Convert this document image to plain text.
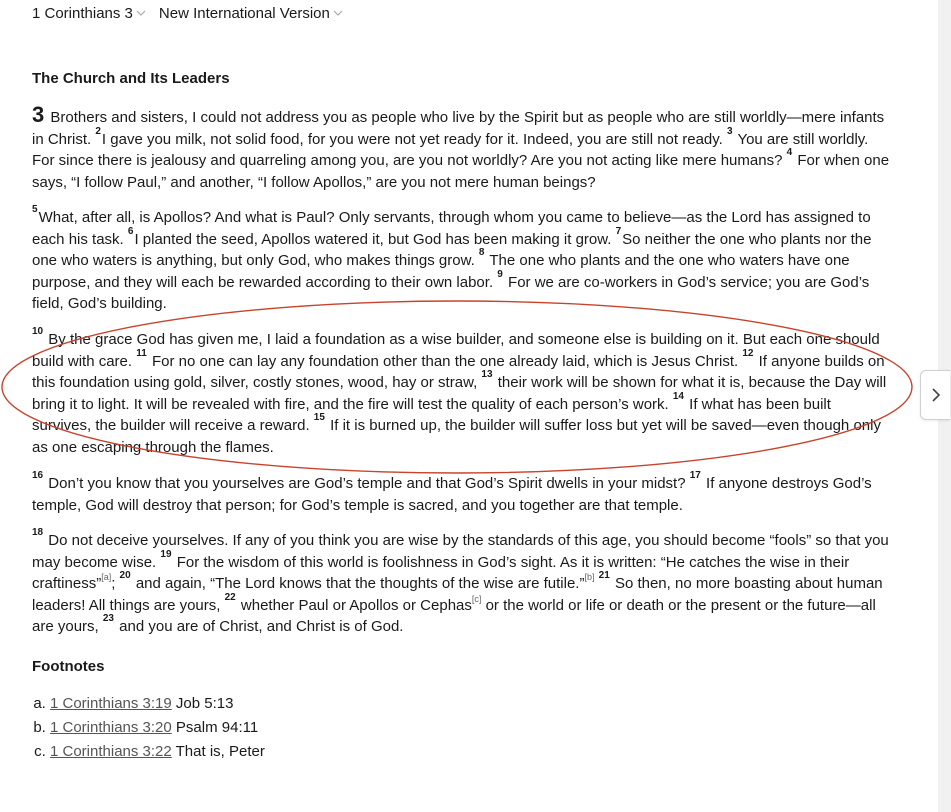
1 Corinthians 3 New International Version
The Church and Its Leaders

3 Brothers and sisters, I could not address you as people who live by the Spirit but as people who are still worldly—mere infants in Christ. $^2$I gave you milk, not solid food, for you were not yet ready for it. Indeed, you are still not ready. $^3$ You are still worldly. For since there is jealousy and quarreling among you, are you not worldly? Are you not acting like mere humans? $^4$ For when one says, “I follow Paul,” and another, “I follow Apollos,” are you not mere human beings?

$^5$What, after all, is Apollos? And what is Paul? Only servants, through whom you came to believe—as the Lord has assigned to each his task. $^6$I planted the seed, Apollos watered it, but God has been making it grow. $^7$So neither the one who plants nor the one who waters is anything, but only God, who makes things grow. $^8$ The one who plants and the one who waters have one purpose, and they will each be rewarded according to their own labor. $^9$ For we are co-workers in God’s service; you are God’s field, God’s building.

$^{10}$ By the grace God has given me, I laid a foundation as a wise builder, and someone else is building on it. But each one should build with care. $^{11}$ For no one can lay any foundation other than the one already laid, which is Jesus Christ. $^{12}$ If anyone builds on this foundation using gold, silver, costly stones, wood, hay or straw, $^{13}$ their work will be shown for what it is, because the Day will bring it to light. It will be revealed with fire, and the fire will test the quality of each person’s work. $^{14}$ If what has been built survives, the builder will receive a reward. $^{15}$ If it is burned up, the builder will suffer loss but yet will be saved—even though only as one escaping through the flames.

$^{16}$ Don’t you know that you yourselves are God’s temple and that God’s Spirit dwells in your midst? $^{17}$ If anyone destroys God’s temple, God will destroy that person; for God’s temple is sacred, and you together are that temple.

$^{18}$ Do not deceive yourselves. If any of you think you are wise by the standards of this age, you should become “fools” so that you may become wise. $^{19}$ For the wisdom of this world is foolishness in God’s sight. As it is written: “He catches the wise in their craftiness”[a]; $^{20}$ and again, “The Lord knows that the thoughts of the wise are futile.”[b] $^{21}$ So then, no more boasting about human leaders! All things are yours, $^{22}$ whether Paul or Apollos or Cephas[c] or the world or life or death or the present or the future—all are yours, $^{23}$ and you are of Christ, and Christ is of God.

Footnotes
a. 1 Corinthians 3:19 Job 5:13
b. 1 Corinthians 3:20 Psalm 94:11
c. 1 Corinthians 3:22 That is, Peter
